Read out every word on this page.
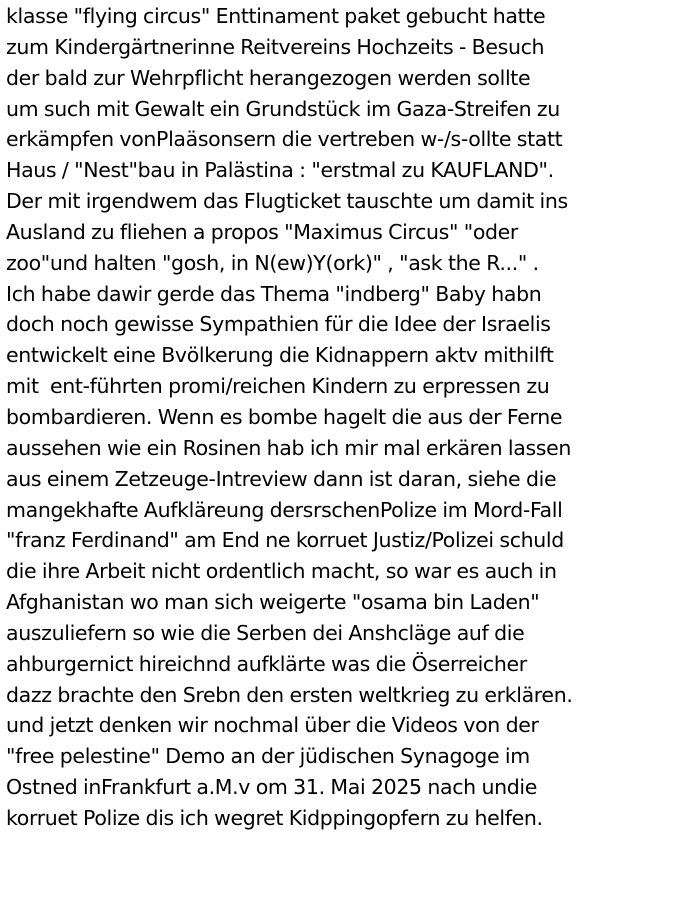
klasse "flying circus" Enttinament paket gebucht hatte
zum Kindergärtnerinne Reitvereins Hochzeits - Besuch
der bald zur Wehrpflicht herangezogen werden sollte
um such mit Gewalt ein Grundstück im Gaza-Streifen zu
erkämpfen vonPlaäsonsern die vertreben w-/s-ollte statt
Haus / "Nest"bau in Palästina : "erstmal zu KAUFLAND".
Der mit irgendwem das Flugticket tauschte um damit ins
Ausland zu fliehen a propos "Maximus Circus" "oder
zoo"und halten "gosh, in N(ew)Y(ork)" , "ask the R..." .
Ich habe dawir gerde das Thema "indberg" Baby habn
doch noch gewisse Sympathien für die Idee der Israelis
entwickelt eine Bvölkerung die Kidnappern aktv mithilft
mit  ent-führten promi/reichen Kindern zu erpressen zu
bombardieren. Wenn es bombe hagelt die aus der Ferne
aussehen wie ein Rosinen hab ich mir mal erkären lassen
aus einem Zetzeuge-Intreview dann ist daran, siehe die
mangekhafte Aufkläreung dersrschenPolize im Mord-Fall
"franz Ferdinand" am End ne korruet Justiz/Polizei schuld
die ihre Arbeit nicht ordentlich macht, so war es auch in
Afghanistan wo man sich weigerte "osama bin Laden"
auszuliefern so wie die Serben dei Anshcläge auf die
ahburgernict hireichnd aufklärte was die Öserreicher
dazz brachte den Srebn den ersten weltkrieg zu erklären.
und jetzt denken wir nochmal über die Videos von der
"free pelestine" Demo an der jüdischen Synagoge im
Ostned inFrankfurt a.M.v om 31. Mai 2025 nach undie
korruet Polize dis ich wegret Kidppingopfern zu helfen.
